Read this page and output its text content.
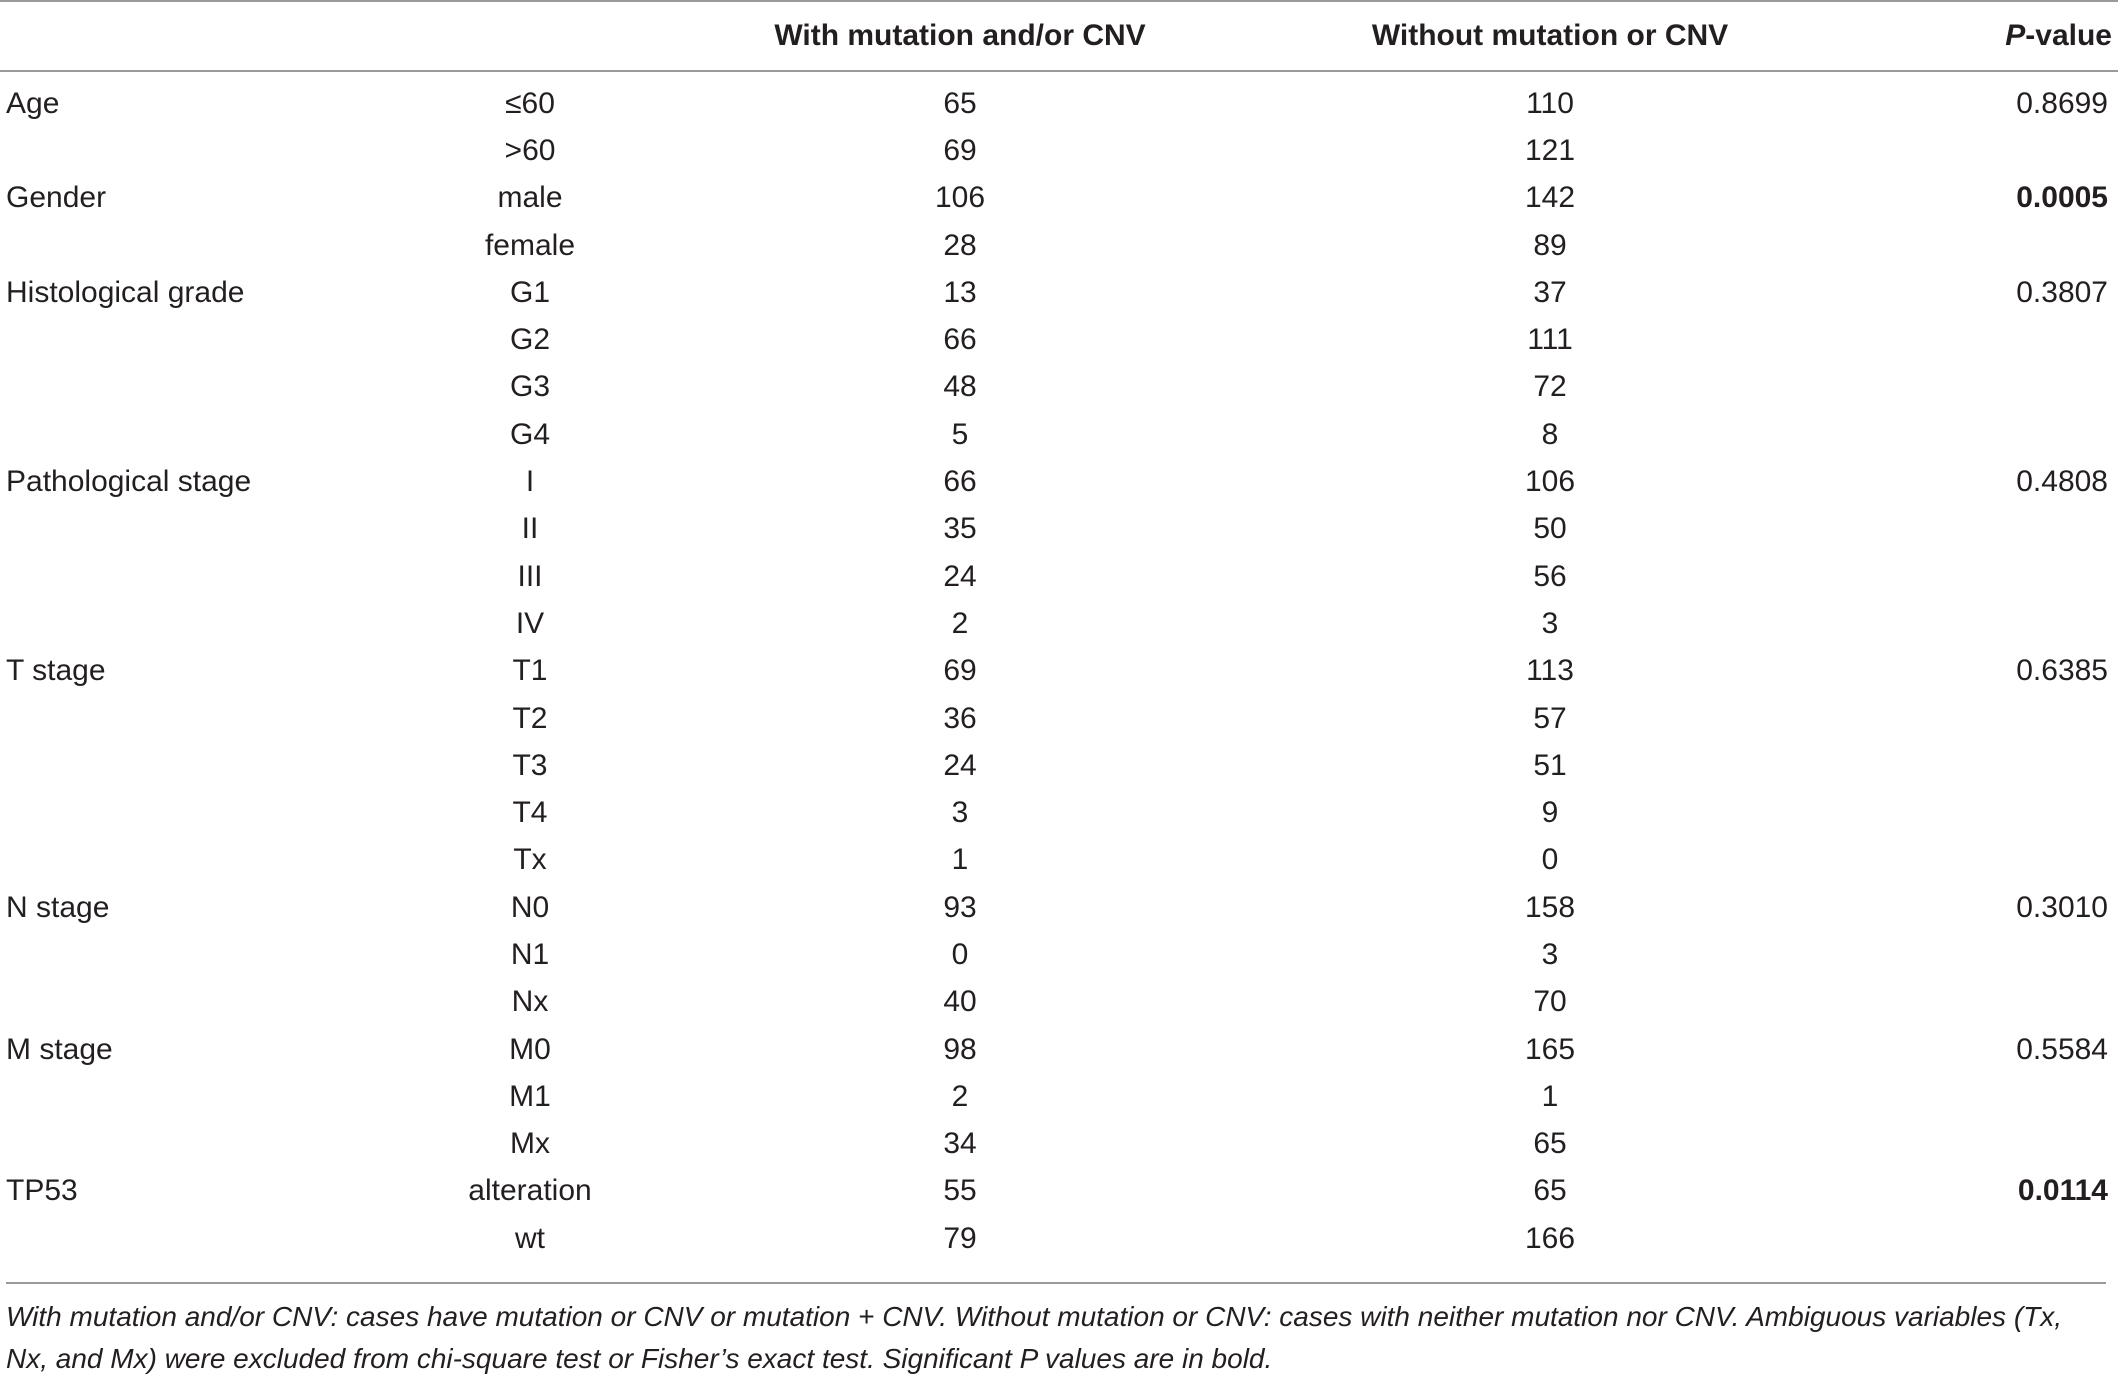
		With mutation and/or CNV	Without mutation or CNV	P-value
Age	≤60	65	110	0.8699
	>60	69	121	
Gender	male	106	142	0.0005
	female	28	89	
Histological grade	G1	13	37	0.3807
	G2	66	111	
	G3	48	72	
	G4	5	8	
Pathological stage	I	66	106	0.4808
	II	35	50	
	III	24	56	
	IV	2	3	
T stage	T1	69	113	0.6385
	T2	36	57	
	T3	24	51	
	T4	3	9	
	Tx	1	0	
N stage	N0	93	158	0.3010
	N1	0	3	
	Nx	40	70	
M stage	M0	98	165	0.5584
	M1	2	1	
	Mx	34	65	
TP53	alteration	55	65	0.0114
	wt	79	166	
With mutation and/or CNV: cases have mutation or CNV or mutation + CNV. Without mutation or CNV: cases with neither mutation nor CNV. Ambiguous variables (Tx,
Nx, and Mx) were excluded from chi-square test or Fisher’s exact test. Significant P values are in bold.
